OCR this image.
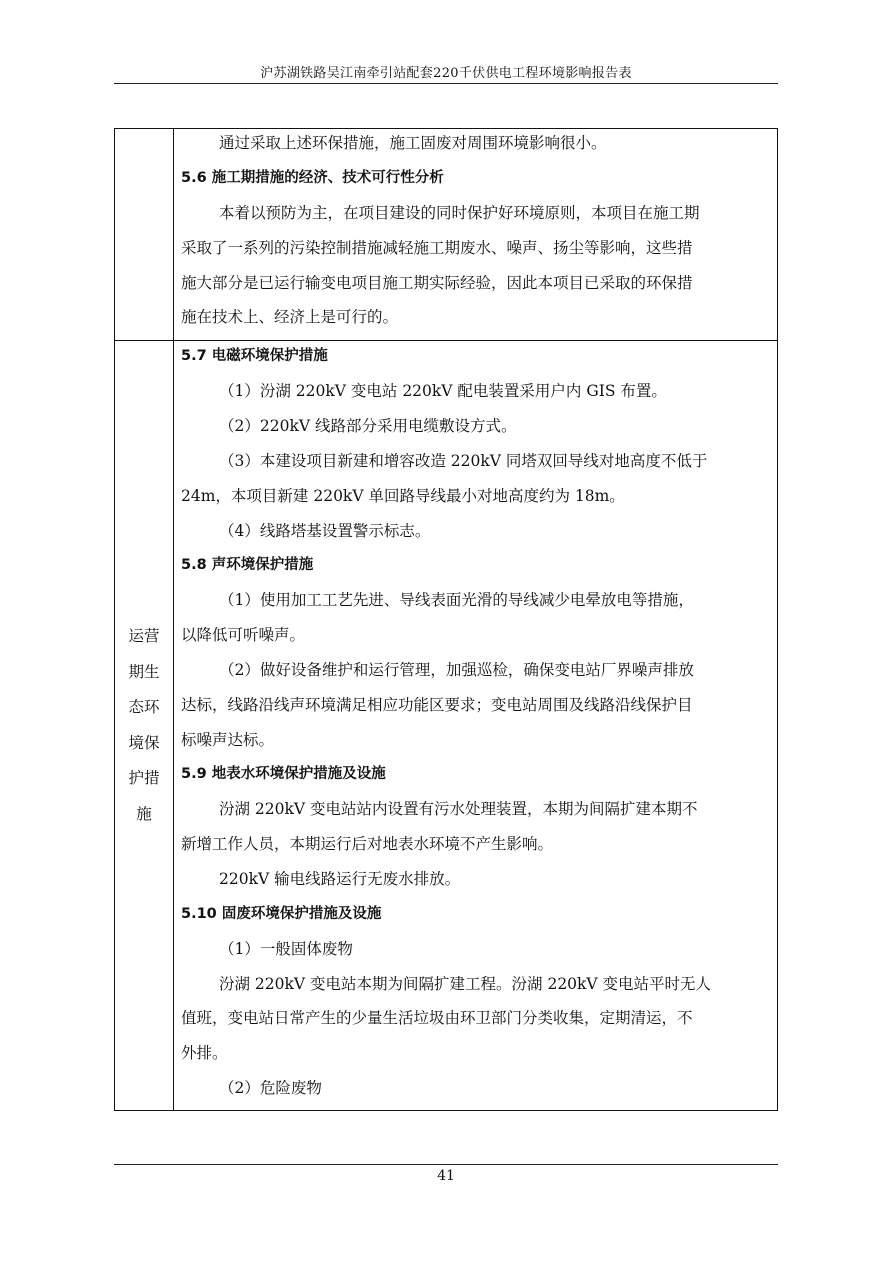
沪苏湖铁路吴江南牵引站配套220千伏供电工程环境影响报告表
运营
期生
态环
境保
护措
施
通过采取上述环保措施，施工固废对周围环境影响很小。
5.6 施工期措施的经济、技术可行性分析
本着以预防为主，在项目建设的同时保护好环境原则，本项目在施工期
采取了一系列的污染控制措施减轻施工期废水、噪声、扬尘等影响，这些措
施大部分是已运行输变电项目施工期实际经验，因此本项目已采取的环保措
施在技术上、经济上是可行的。
5.7 电磁环境保护措施
（1）汾湖 220kV 变电站 220kV 配电装置采用户内 GIS 布置。
（2）220kV 线路部分采用电缆敷设方式。
（3）本建设项目新建和增容改造 220kV 同塔双回导线对地高度不低于
24m，本项目新建 220kV 单回路导线最小对地高度约为 18m。
（4）线路塔基设置警示标志。
5.8 声环境保护措施
（1）使用加工工艺先进、导线表面光滑的导线减少电晕放电等措施，
以降低可听噪声。
（2）做好设备维护和运行管理，加强巡检，确保变电站厂界噪声排放
达标，线路沿线声环境满足相应功能区要求；变电站周围及线路沿线保护目
标噪声达标。
5.9 地表水环境保护措施及设施
汾湖 220kV 变电站站内设置有污水处理装置，本期为间隔扩建本期不
新增工作人员，本期运行后对地表水环境不产生影响。
220kV 输电线路运行无废水排放。
5.10 固废环境保护措施及设施
（1）一般固体废物
汾湖 220kV 变电站本期为间隔扩建工程。汾湖 220kV 变电站平时无人
值班，变电站日常产生的少量生活垃圾由环卫部门分类收集，定期清运，不
外排。
（2）危险废物
41
